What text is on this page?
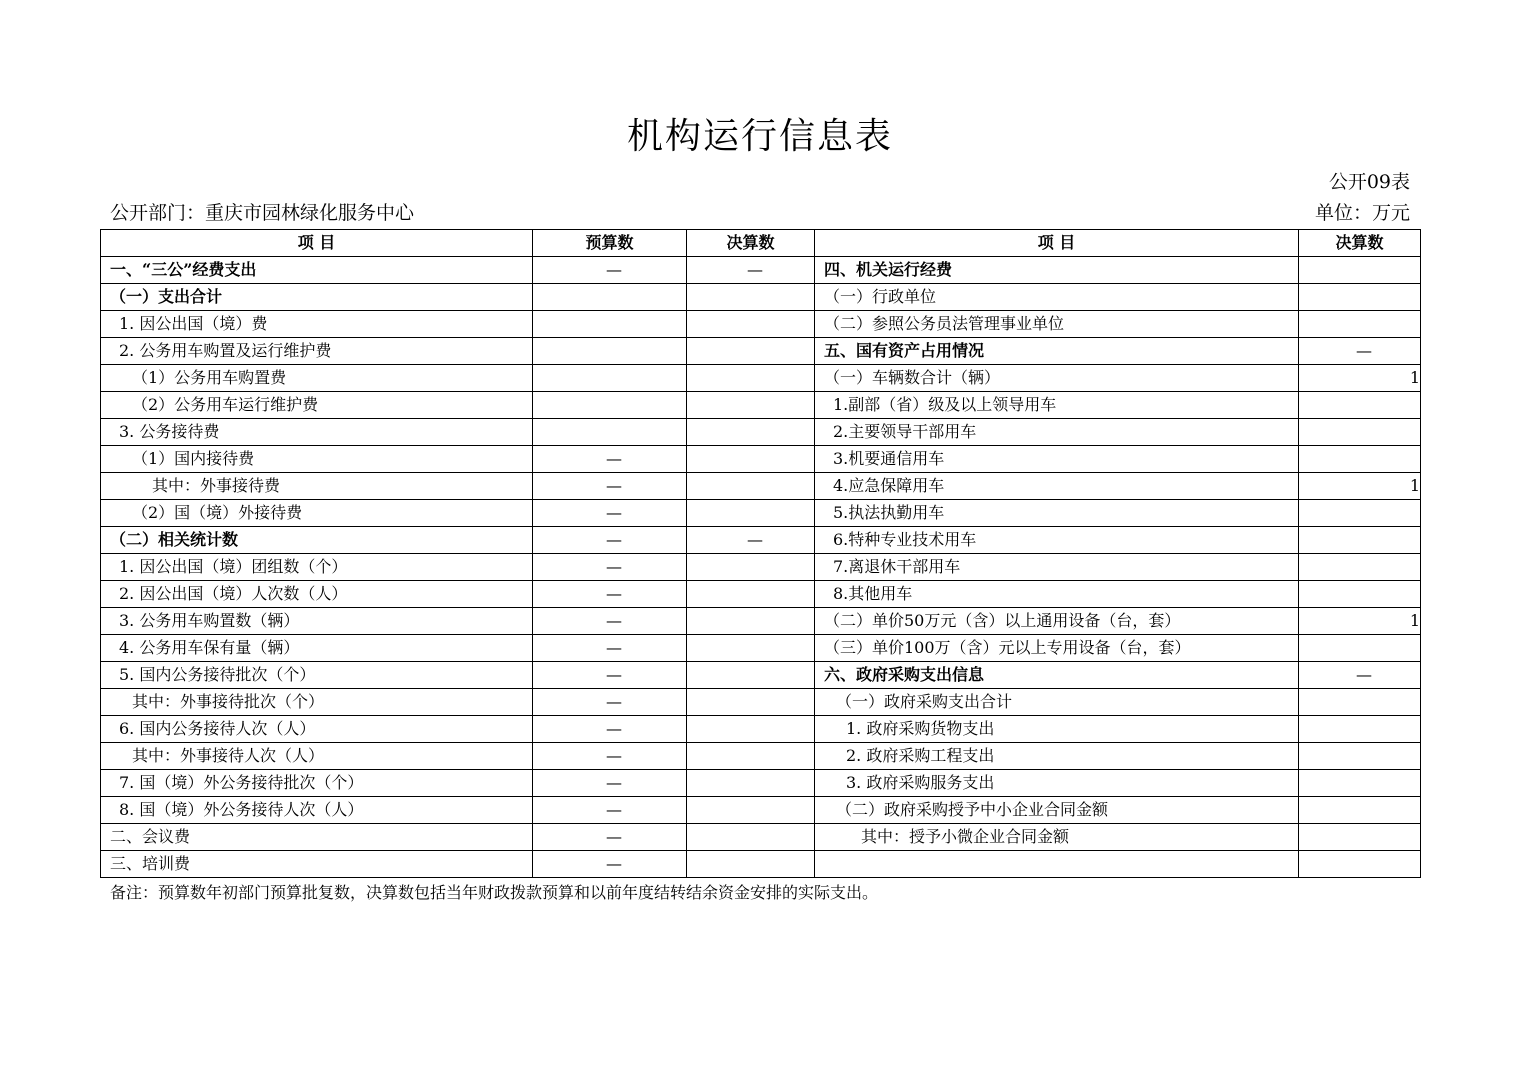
机构运行信息表
公开09表
公开部门：重庆市园林绿化服务中心	单位：万元
项 目	预算数	决算数	项 目	决算数
一、“三公”经费支出	—	—	四、机关运行经费	
（一）支出合计			（一）行政单位	
1. 因公出国（境）费			（二）参照公务员法管理事业单位	
2. 公务用车购置及运行维护费			五、国有资产占用情况	—
（1）公务用车购置费			（一）车辆数合计（辆）	1
（2）公务用车运行维护费			1.副部（省）级及以上领导用车	
3. 公务接待费			2.主要领导干部用车	
（1）国内接待费	—		3.机要通信用车	
其中：外事接待费	—		4.应急保障用车	1
（2）国（境）外接待费	—		5.执法执勤用车	
（二）相关统计数	—	—	6.特种专业技术用车	
1. 因公出国（境）团组数（个）	—		7.离退休干部用车	
2. 因公出国（境）人次数（人）	—		8.其他用车	
3. 公务用车购置数（辆）	—		（二）单价50万元（含）以上通用设备（台，套）	1
4. 公务用车保有量（辆）	—		（三）单价100万（含）元以上专用设备（台，套）	
5. 国内公务接待批次（个）	—		六、政府采购支出信息	—
其中：外事接待批次（个）	—		（一）政府采购支出合计	
6. 国内公务接待人次（人）	—		1. 政府采购货物支出	
其中：外事接待人次（人）	—		2. 政府采购工程支出	
7. 国（境）外公务接待批次（个）	—		3. 政府采购服务支出	
8. 国（境）外公务接待人次（人）	—		（二）政府采购授予中小企业合同金额	
二、会议费	—		其中：授予小微企业合同金额	
三、培训费	—			
备注：预算数年初部门预算批复数，决算数包括当年财政拨款预算和以前年度结转结余资金安排的实际支出。
